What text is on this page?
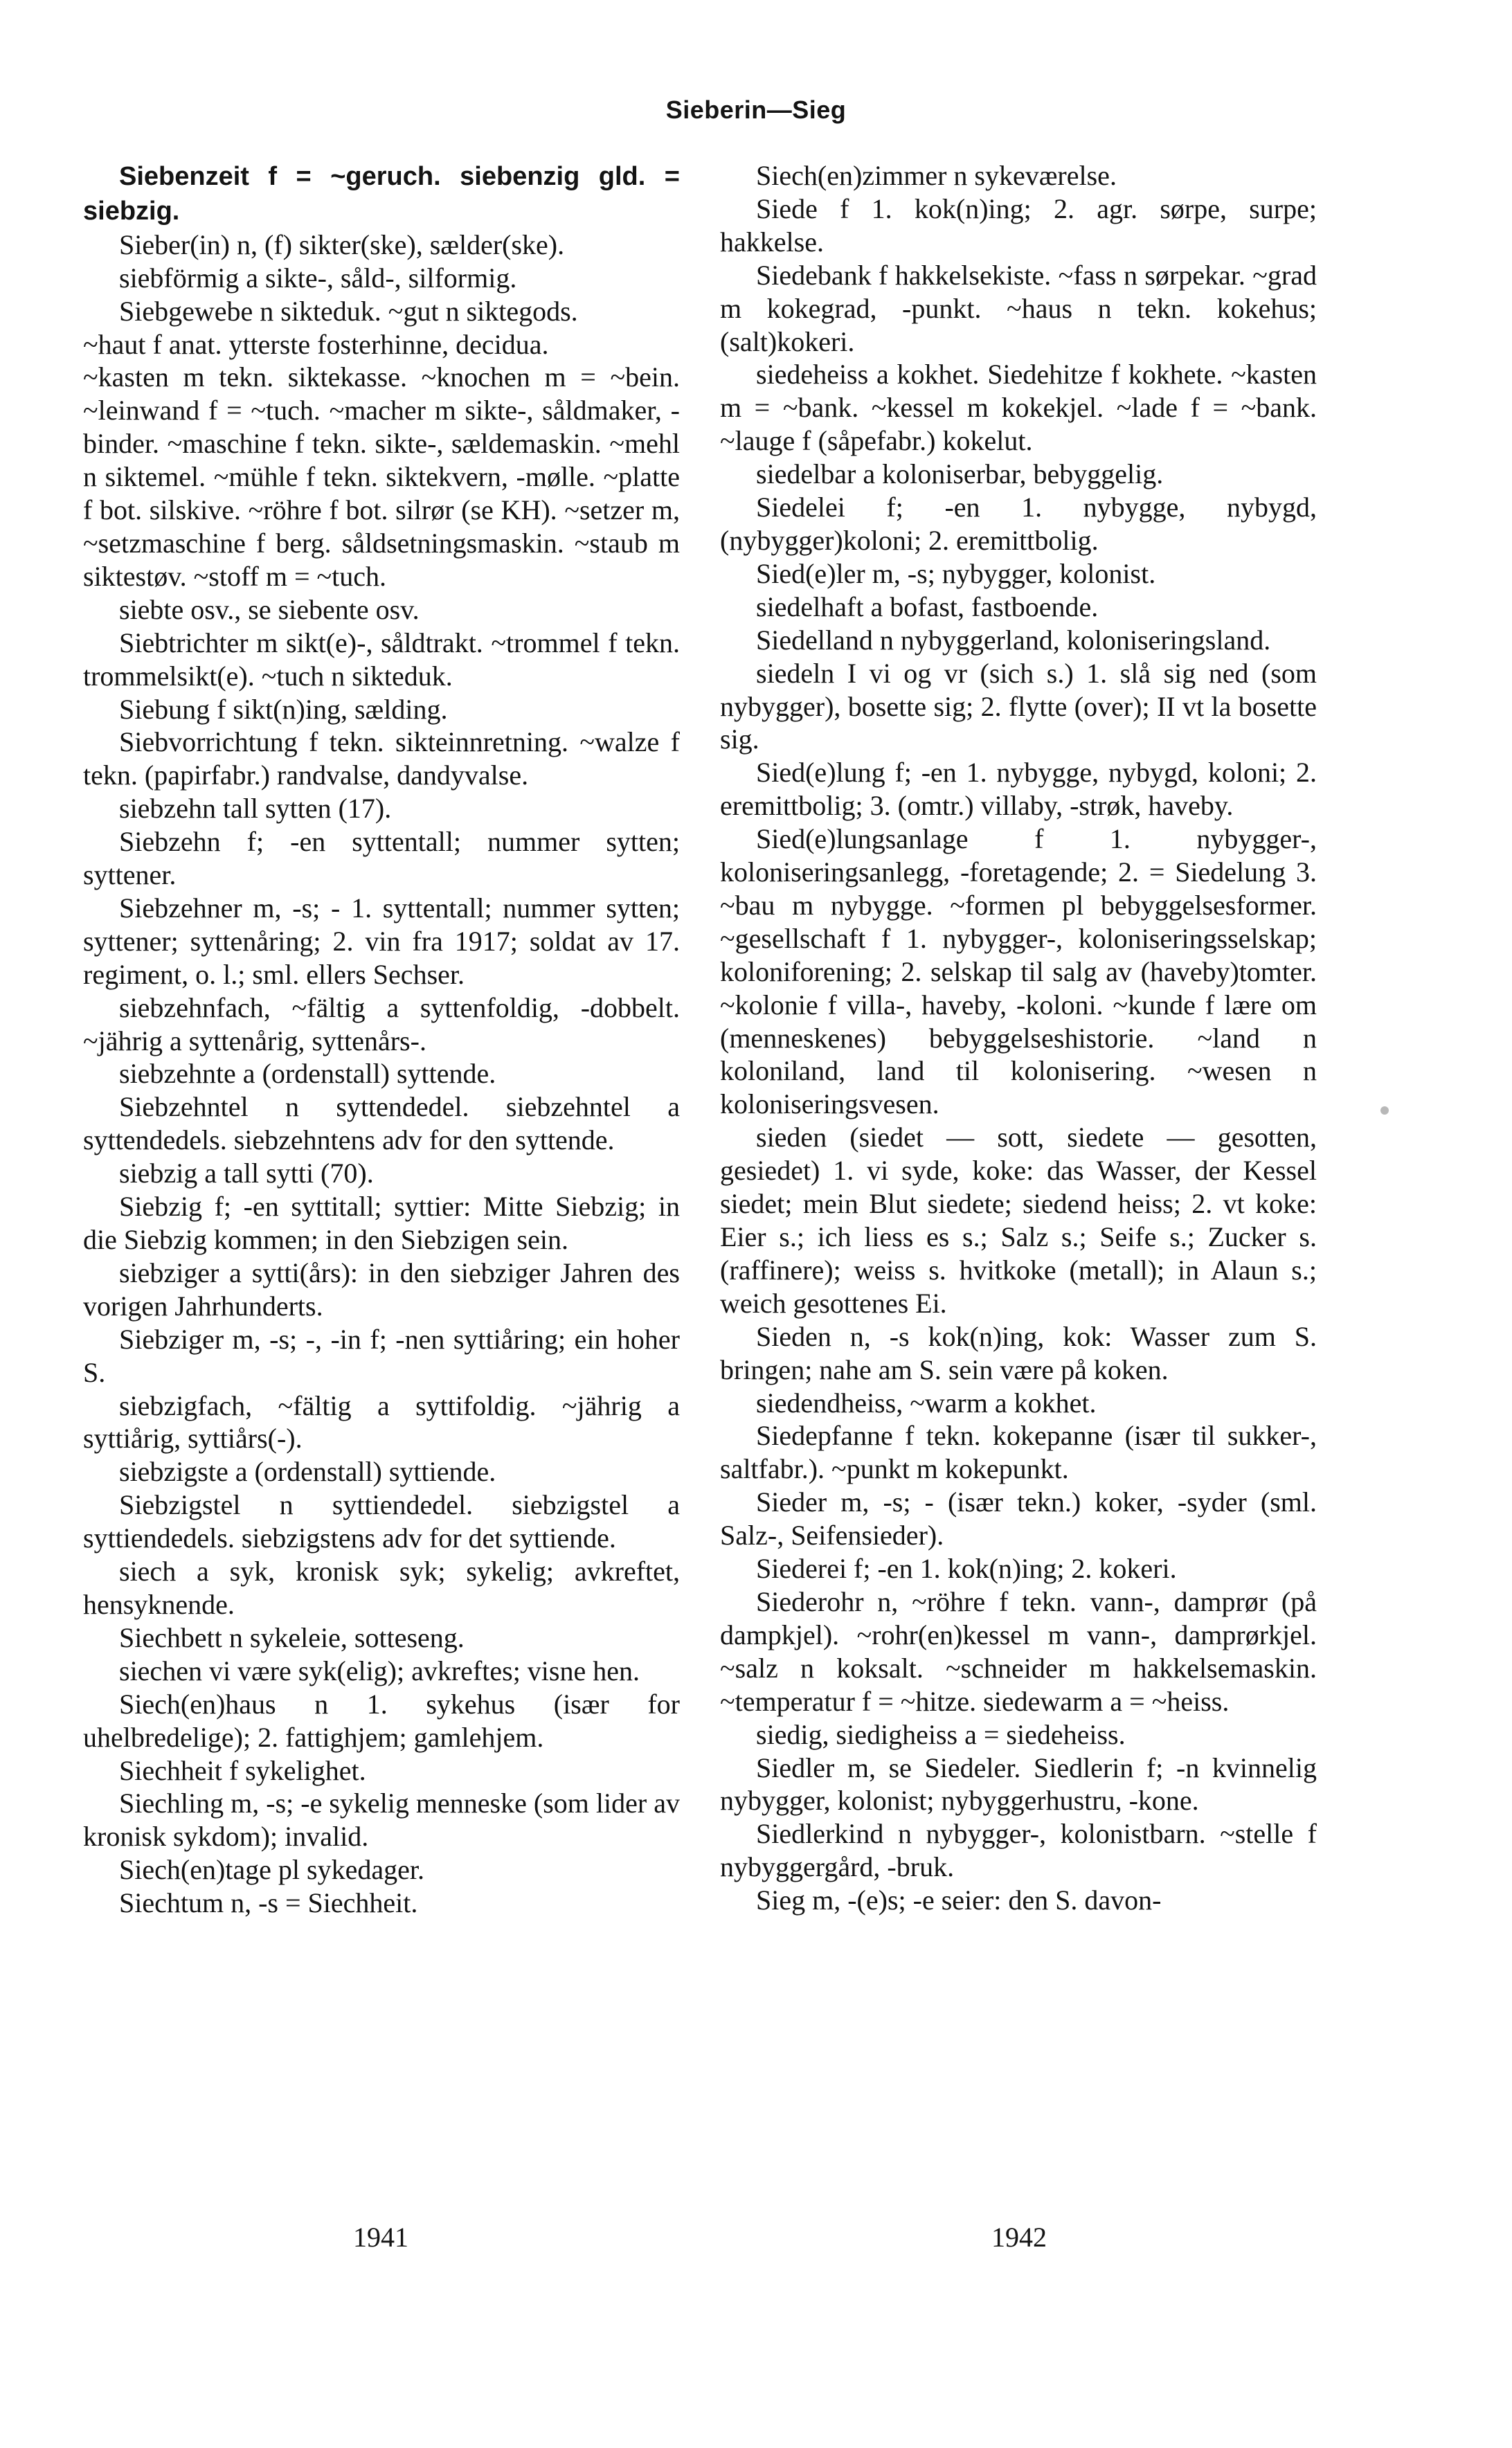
Sieberin—Sieg

Siebenzeit f = ~geruch. siebenzig gld. = siebzig.

Sieber(in) n, (f) sikter(ske), sælder(ske).

siebförmig a sikte-, såld-, silformig.

Siebgewebe n sikteduk. ~gut n siktegods.

~haut f anat. ytterste fosterhinne, decidua.

~kasten m tekn. siktekasse. ~knochen m = ~bein. ~leinwand f = ~tuch. ~macher m sikte-, såldmaker, -binder. ~maschine f tekn. sikte-, sældemaskin. ~mehl n siktemel. ~mühle f tekn. siktekvern, -mølle. ~platte f bot. silskive. ~röhre f bot. silrør (se KH). ~setzer m, ~setzmaschine f berg. såldsetningsmaskin. ~staub m siktestøv. ~stoff m = ~tuch.

siebte osv., se siebente osv.

Siebtrichter m sikt(e)-, såldtrakt. ~trommel f tekn. trommelsikt(e). ~tuch n sikteduk.

Siebung f sikt(n)ing, sælding.

Siebvorrichtung f tekn. sikteinnretning. ~walze f tekn. (papirfabr.) randvalse, dandyvalse.

siebzehn tall sytten (17).

Siebzehn f; -en syttentall; nummer sytten; syttener.

Siebzehner m, -s; - 1. syttentall; nummer sytten; syttener; syttenåring; 2. vin fra 1917; soldat av 17. regiment, o. l.; sml. ellers Sechser.

siebzehnfach, ~fältig a syttenfoldig, -dobbelt. ~jährig a syttenårig, syttenårs-.

siebzehnte a (ordenstall) syttende.

Siebzehntel n syttendedel. siebzehntel a syttendedels. siebzehntens adv for den syttende.

siebzig a tall sytti (70).

Siebzig f; -en syttitall; syttier: Mitte Siebzig; in die Siebzig kommen; in den Siebzigen sein.

siebziger a sytti(års): in den siebziger Jahren des vorigen Jahrhunderts.

Siebziger m, -s; -, -in f; -nen syttiåring; ein hoher S.

siebzigfach, ~fältig a syttifoldig. ~jährig a syttiårig, syttiårs(-).

siebzigste a (ordenstall) syttiende.

Siebzigstel n syttiendedel. siebzigstel a syttiendedels. siebzigstens adv for det syttiende.

siech a syk, kronisk syk; sykelig; avkreftet, hensyknende.

Siechbett n sykeleie, sotteseng.

siechen vi være syk(elig); avkreftes; visne hen.

Siech(en)haus n 1. sykehus (især for uhelbredelige); 2. fattighjem; gamlehjem.

Siechheit f sykelighet.

Siechling m, -s; -e sykelig menneske (som lider av kronisk sykdom); invalid.

Siech(en)tage pl sykedager.

Siechtum n, -s = Siechheit.

Siech(en)zimmer n sykeværelse.

Siede f 1. kok(n)ing; 2. agr. sørpe, surpe; hakkelse.

Siedebank f hakkelsekiste. ~fass n sørpekar. ~grad m kokegrad, -punkt. ~haus n tekn. kokehus; (salt)kokeri.

siedeheiss a kokhet. Siedehitze f kokhete. ~kasten m = ~bank. ~kessel m kokekjel. ~lade f = ~bank. ~lauge f (såpefabr.) kokelut.

siedelbar a koloniserbar, bebyggelig.

Siedelei f; -en 1. nybygge, nybygd, (nybygger)koloni; 2. eremittbolig.

Sied(e)ler m, -s; nybygger, kolonist.

siedelhaft a bofast, fastboende.

Siedelland n nybyggerland, koloniseringsland.

siedeln I vi og vr (sich s.) 1. slå sig ned (som nybygger), bosette sig; 2. flytte (over); II vt la bosette sig.

Sied(e)lung f; -en 1. nybygge, nybygd, koloni; 2. eremittbolig; 3. (omtr.) villaby, -strøk, haveby.

Sied(e)lungsanlage f 1. nybygger-, koloniseringsanlegg, -foretagende; 2. = Siedelung 3. ~bau m nybygge. ~formen pl bebyggelsesformer. ~gesellschaft f 1. nybygger-, koloniseringsselskap; koloniforening; 2. selskap til salg av (haveby)tomter. ~kolonie f villa-, haveby, -koloni. ~kunde f lære om (menneskenes) bebyggelseshistorie. ~land n koloniland, land til kolonisering. ~wesen n koloniseringsvesen.

sieden (siedet — sott, siedete — gesotten, gesiedet) 1. vi syde, koke: das Wasser, der Kessel siedet; mein Blut siedete; siedend heiss; 2. vt koke: Eier s.; ich liess es s.; Salz s.; Seife s.; Zucker s. (raffinere); weiss s. hvitkoke (metall); in Alaun s.; weich gesottenes Ei.

Sieden n, -s kok(n)ing, kok: Wasser zum S. bringen; nahe am S. sein være på koken.

siedendheiss, ~warm a kokhet.

Siedepfanne f tekn. kokepanne (især til sukker-, saltfabr.). ~punkt m kokepunkt.

Sieder m, -s; - (især tekn.) koker, -syder (sml. Salz-, Seifensieder).

Siederei f; -en 1. kok(n)ing; 2. kokeri.

Siederohr n, ~röhre f tekn. vann-, damprør (på dampkjel). ~rohr(en)kessel m vann-, damprørkjel. ~salz n koksalt. ~schneider m hakkelsemaskin. ~temperatur f = ~hitze. siedewarm a = ~heiss.

siedig, siedigheiss a = siedeheiss.

Siedler m, se Siedeler. Siedlerin f; -n kvinnelig nybygger, kolonist; nybyggerhustru, -kone.

Siedlerkind n nybygger-, kolonistbarn. ~stelle f nybyggergård, -bruk.

Sieg m, -(e)s; -e seier: den S. davon-

1941	1942
